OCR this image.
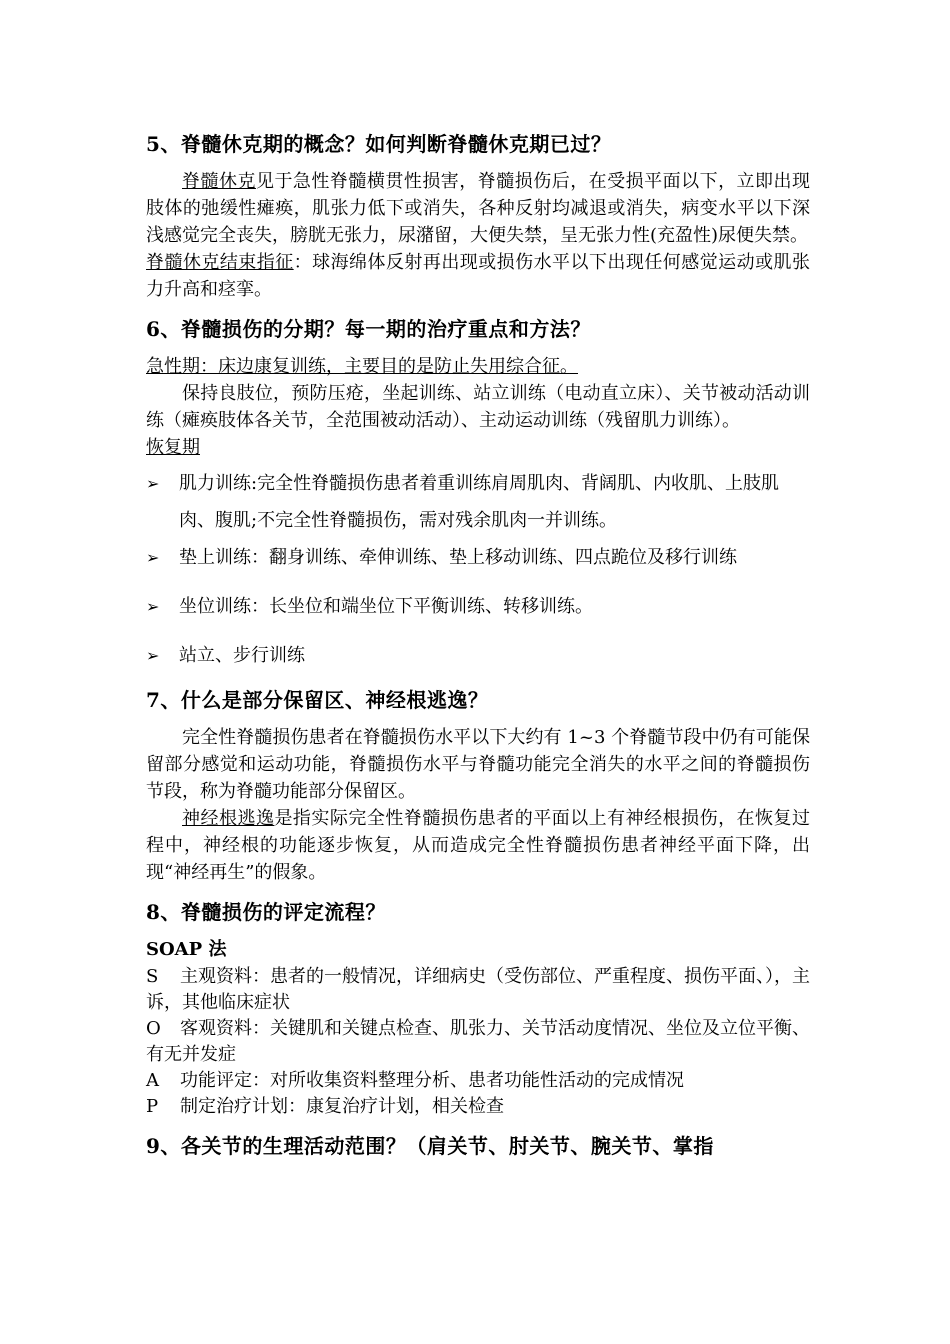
5、脊髓休克期的概念？如何判断脊髓休克期已过？

脊髓休克见于急性脊髓横贯性损害，脊髓损伤后，在受损平面以下，立即出现肢体的弛缓性瘫痪，肌张力低下或消失，各种反射均减退或消失，病变水平以下深浅感觉完全丧失，膀胱无张力，尿潴留，大便失禁，呈无张力性(充盈性)尿便失禁。

脊髓休克结束指征：球海绵体反射再出现或损伤水平以下出现任何感觉运动或肌张力升高和痉挛。

6、脊髓损伤的分期？每一期的治疗重点和方法？

急性期：床边康复训练，主要目的是防止失用综合征。

保持良肢位，预防压疮，坐起训练、站立训练（电动直立床）、关节被动活动训练（瘫痪肢体各关节，全范围被动活动）、主动运动训练（残留肌力训练）。

恢复期

➢ 肌力训练:完全性脊髓损伤患者着重训练肩周肌肉、背阔肌、内收肌、上肢肌肉、腹肌;不完全性脊髓损伤，需对残余肌肉一并训练。
➢ 垫上训练：翻身训练、牵伸训练、垫上移动训练、四点跪位及移行训练
➢ 坐位训练：长坐位和端坐位下平衡训练、转移训练。
➢ 站立、步行训练
7、什么是部分保留区、神经根逃逸？

完全性脊髓损伤患者在脊髓损伤水平以下大约有 1~3 个脊髓节段中仍有可能保留部分感觉和运动功能，脊髓损伤水平与脊髓功能完全消失的水平之间的脊髓损伤节段，称为脊髓功能部分保留区。

神经根逃逸是指实际完全性脊髓损伤患者的平面以上有神经根损伤，在恢复过程中，神经根的功能逐步恢复，从而造成完全性脊髓损伤患者神经平面下降，出现“神经再生”的假象。

8、脊髓损伤的评定流程？

SOAP 法

S 主观资料：患者的一般情况，详细病史（受伤部位、严重程度、损伤平面、），主诉，其他临床症状

O 客观资料：关键肌和关键点检查、肌张力、关节活动度情况、坐位及立位平衡、有无并发症

A 功能评定：对所收集资料整理分析、患者功能性活动的完成情况

P 制定治疗计划：康复治疗计划，相关检查

9、各关节的生理活动范围？（肩关节、肘关节、腕关节、掌指
